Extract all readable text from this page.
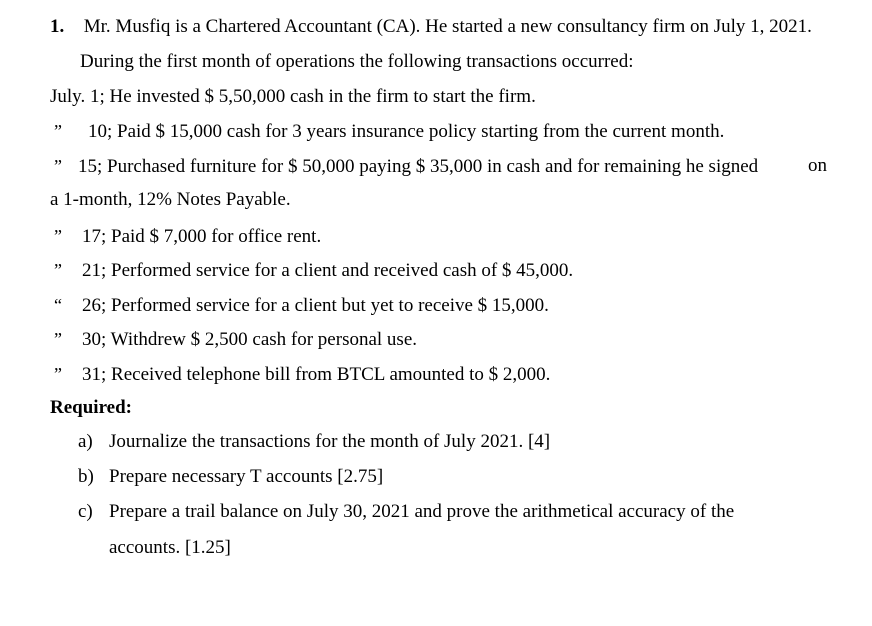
1. Mr. Musfiq is a Chartered Accountant (CA). He started a new consultancy firm on July 1, 2021.
During the first month of operations the following transactions occurred:
July. 1; He invested $ 5,50,000 cash in the firm to start the firm.
” 10; Paid $ 15,000 cash for 3 years insurance policy starting from the current month.
” 15; Purchased furniture for $ 50,000 paying $ 35,000 in cash and for remaining he signed	on
a 1-month, 12% Notes Payable.
” 17; Paid $ 7,000 for office rent.
” 21; Performed service for a client and received cash of $ 45,000.
“ 26; Performed service for a client but yet to receive $ 15,000.
” 30; Withdrew $ 2,500 cash for personal use.
” 31; Received telephone bill from BTCL amounted to $ 2,000.
Required:
a) Journalize the transactions for the month of July 2021. [4]
b) Prepare necessary T accounts [2.75]
c) Prepare a trail balance on July 30, 2021 and prove the arithmetical accuracy of the
accounts. [1.25]
